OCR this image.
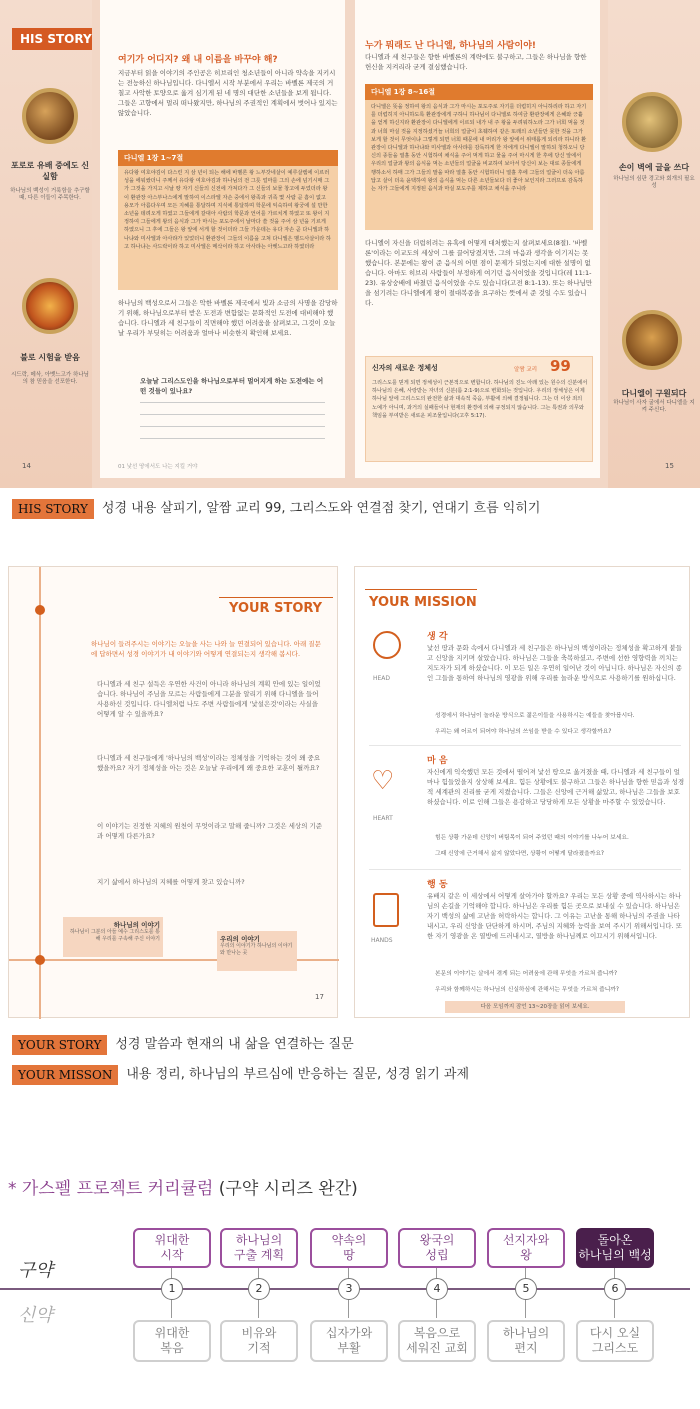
HIS STORY
포로로 유배 중에도 신실함
하나님의 백성이 거룩함을 추구할 때, 다른 이들이 주목한다.
불로 시험을 받음
시드락, 메삭, 아벳느고가 하나님의 참 믿음을 선포한다.
손이 벽에 글을 쓰다
하나님의 심판 경고와 회개의 필요성
다니엘이 구원되다
하나님이 사자 굴에서 다니엘을 지켜 주신다.
여기가 어디지? 왜 내 이름을 바꾸야 해?
지금부터 읽을 이야기의 주인공은 히브리인 청소년들이 아니라 약속을 지키시는 전능하신 하나님입니다. 다니엘서 시작 부분에서 우리는 바벨론 제국의 거칠고 사악한 토양으로 옮겨 심기게 된 네 명의 대단한 소년들을 보게 됩니다. 그들은 고향에서 멀리 떠나왔지만, 하나님의 주권적인 계획에서 벗어나 있지는 않았습니다.
다니엘 1장 1~7절
유다왕 여호야김이 다스린 지 삼 년이 되는 해에 바벨론 왕 느부갓네살이 예루살렘에 이르러 성을 에워쌌더니 주께서 유다왕 여호야김과 하나님의 전 그릇 얼마를 그의 손에 넘기시매 그가 그것을 가지고 시날 땅 자기 신들의 신전에 가져다가 그 신들의 보물 창고에 두었더라 왕이 환관장 아스부나스에게 말하여 이스라엘 자손 중에서 왕족과 귀족 몇 사람 곧 흠이 없고 용모가 아름다우며 모든 지혜를 통달하며 지식에 통달하며 학문에 익숙하여 왕궁에 설 만한 소년을 데려오게 하였고 그들에게 갈대아 사람의 학문과 언어를 가르치게 하였고 또 왕이 지정하여 그들에게 왕의 음식과 그가 마시는 포도주에서 날마다 쓸 것을 주어 삼 년을 기르게 하였으니 그 후에 그들은 왕 앞에 서게 할 것이더라 그들 가운데는 유다 자손 곧 다니엘과 하나냐와 미사엘과 아사랴가 있었더니 환관장이 그들의 이름을 고쳐 다니엘은 벨드사살이라 하고 하나냐는 사드락이라 하고 미사엘은 메삭이라 하고 아사랴는 아벳느고라 하였더라
하나님의 백성으로서 그들은 악한 바벨론 제국에서 빛과 소금의 사명을 감당하기 위해, 하나님으로부터 받은 도전과 변함없는 문화적인 도전에 대비해야 했습니다. 다니엘과 세 친구들이 직면해야 했던 어려움을 살펴보고, 그것이 오늘날 우리가 부딪히는 어려움과 얼마나 비슷한지 확인해 보세요.
오늘날 그리스도인을 하나님으로부터 멀어지게 하는 도전에는 어떤 것들이 있나요?
14	01 낯선 땅에서도 나는 지킬 거야
누가 뭐래도 난 다니엘, 하나님의 사람이야!
다니엘과 세 친구들은 향한 바벨론의 계략에도 불구하고, 그들은 하나님을 향한 헌신을 지켜리라 굳게 결심했습니다.
다니엘 1장 8~16절
다니엘은 뜻을 정하여 왕의 음식과 그가 마시는 포도주로 자기를 더럽히지 아니하리라 하고 자기를 더럽히지 아니하도록 환관장에게 구하니 하나님이 다니엘로 하여금 환관장에게 은혜와 긍휼을 얻게 하신지라 환관장이 다니엘에게 이르되 내가 내 주 왕을 두려워하노라 그가 너희 먹을 것과 너희 마실 것을 지정하셨거늘 너희의 얼굴이 초췌하여 같은 또래의 소년들만 못한 것을 그가 보게 할 것이 무엇이냐 그렇게 되면 너희 때문에 내 머리가 왕 앞에서 위태롭게 되리라 하니라 환관장이 다니엘과 하나냐와 미사엘과 아사랴를 감독하게 한 자에게 다니엘이 말하되 청하오니 당신의 종들을 열흘 동안 시험하여 채식을 주어 먹게 하고 물을 주어 마시게 한 후에 당신 앞에서 우리의 얼굴과 왕의 음식을 먹는 소년들의 얼굴을 비교하여 보아서 당신이 보는 대로 종들에게 행하소서 하매 그가 그들의 말을 따라 열흘 동안 시험하더니 열흘 후에 그들의 얼굴이 더욱 아름답고 살이 더욱 윤택하여 왕의 음식을 먹는 다른 소년들보다 더 좋아 보인지라 그러므로 감독하는 자가 그들에게 지정된 음식과 마실 포도주를 제하고 채식을 주니라
다니엘이 자신을 더럽히려는 유혹에 어떻게 대처했는지 살펴보세요(8절). '바벨론'이라는 이교도의 세상이 그를 끌어당겼지만, 그의 마음과 생각을 이기지는 못했습니다. 본문에는 왕이 준 음식의 어떤 점이 문제가 되었는지에 대한 설명이 없습니다. 아마도 히브리 사람들이 부정하게 여기던 음식이었을 것입니다(레 11:1-23). 유상숭배에 바쳤던 음식이었을 수도 있습니다(고전 8:1-13). 또는 하나님만 을 섬기려는 다니엘에게 왕이 절대복종을 요구하는 뜻에서 준 것일 수도 있습니다.
신자의 새로운 정체성	알짬 교리 99
그리스도를 믿게 되면 정체성이 근본적으로 변합니다. 하나님의 진노 아래 있는 원수의 신분에서 하나님의 은혜, 사랑받는 자녀의 신분(롬 2:1-9)으로 변화되는 것입니다. 우리의 정체성은 이제 하나님 앞에 그리스도의 완전한 삶과 대속적 죽음, 부활에 의해 결정됩니다. 그는 더 이상 죄의 노예가 아니며, 과거의 실패들이나 현재의 환경에 의해 규정되지 않습니다. 그는 특권과 의무와 책임을 부여받은 새로운 피조물입니다(고후 5:17).
15
HIS STORY	성경 내용 살피기, 알짬 교리 99, 그리스도와 연결점 찾기, 연대기 흐름 익히기
YOUR STORY
하나님이 들려주시는 이야기는 오늘을 사는 나와 늘 연결되어 있습니다. 아래 질문에 답하면서 성경 이야기가 내 이야기와 어떻게 연결되는지 생각해 봅시다.
다니엘과 세 친구 설득은 우연한 사건이 아니라 하나님의 계획 안에 있는 일이었습니다. 하나님이 주님을 모르는 사람들에게 그분을 알리기 위해 다니엘을 들어 사용하신 것입니다. 다니엘처럼 나도 주변 사람들에게 '낯설은것'이라는 사실을 어떻게 알 수 있을까요?
다니엘과 세 친구들에게 '하나님의 백성'이라는 정체성을 기억하는 것이 왜 중요했을까요? 자기 정체성을 아는 것은 오늘날 우리에게 왜 중요한 교훈이 될까요?
이 이야기는 진정한 지혜의 원천이 무엇이라고 말해 줍니까? 그것은 세상의 기준과 어떻게 다른가요?
지기 삶에서 하나님의 지혜를 어떻게 찾고 있습니까?
하나님의 이야기
하나님이 그분의 아들 예수 그리스도를 통해 우리를 구속해 주신 이야기	우리의 이야기
우리의 이야기가 하나님의 이야기와 만나는 곳
17
YOUR MISSION
HEAD
생 각
낯선 땅과 문화 속에서 다니엘과 세 친구들은 하나님의 백성이라는 정체성을 확고하게 붙들고 신앙을 지키며 살았습니다. 하나님은 그들을 축복하셨고, 주변에 선한 영향력을 끼치는 지도자가 되게 하셨습니다. 이 모든 일은 우연히 일어난 것이 아닙니다. 하나님은 자신의 종인 그들을 통하여 하나님의 영광을 위해 우리를 놀라운 방식으로 사용하기를 원하십니다.
성경에서 하나님이 놀라운 방식으로 젊은이들을 사용하시는 예들을 찾아봅시다.
우리는 왜 어르이 되어야 하나님의 쓰임을 받을 수 있다고 생각할까요?
♡
HEART
마 음
자신에게 익숙했던 모든 것에서 떨어져 낯선 땅으로 옮겨졌을 때, 다니엘과 세 친구들이 얼마나 힘들었을지 상상해 보세요. 힘든 상황에도 불구하고 그들은 하나님을 향한 믿음과 성경적 세계관의 진리를 굳게 지켰습니다. 그들은 신앙에 근거해 삶았고, 하나님은 그들을 보호하셨습니다. 이로 인해 그들은 용감하고 당당하게 모든 상황을 마주할 수 있었습니다.
힘든 상황 가운데 신앙이 버팀목이 되어 주었던 때의 이야기를 나누어 보세요.
그때 신앙에 근거해서 삶지 않았다면, 상황이 어떻게 달라졌을까요?
HANDS
행 동
유배지 같은 이 세상에서 어떻게 살아가야 할까요? 우리는 모든 상황 중에 역사하시는 하나님의 손길을 기억해야 합니다. 하나님은 우리를 힘든 곳으로 보내실 수 있습니다. 하나님은 자기 백성의 삶에 고난을 허락하시는 합니다. 그 이유는 고난을 통해 하나님의 주권을 나타내시고, 우리 신앙을 단단하게 하시며, 주님의 지혜와 능력을 보여 주시기 위해서입니다. 또한 자기 영광을 온 열방에 드러내시고, 열방을 하나님께로 이끄시기 위해서입니다.
본문의 이야기는 살에서 겪게 되는 어려움에 관해 무엇을 가르쳐 줍니까?
우리와 함께하시는 하나님의 신실하심에 관해서는 무엇을 가르쳐 줍니까?
다음 모임까지 잠언 13~20장을 읽어 보세요.
YOUR STORY	성경 말씀과 현재의 내 삶을 연결하는 질문
YOUR MISSON	내용 정리, 하나님의 부르심에 반응하는 질문, 성경 읽기 과제
* 가스펠 프로젝트 커리큘럼 (구약 시리즈 완간)
구약
신약
위대한
시작
1
위대한
복음
하나님의
구출 계획
2
비유와
기적
약속의
땅
3
십자가와
부활
왕국의
성립
4
복음으로
세워진 교회
선지자와
왕
5
하나님의
편지
돌아온
하나님의 백성
6
다시 오실
그리스도
